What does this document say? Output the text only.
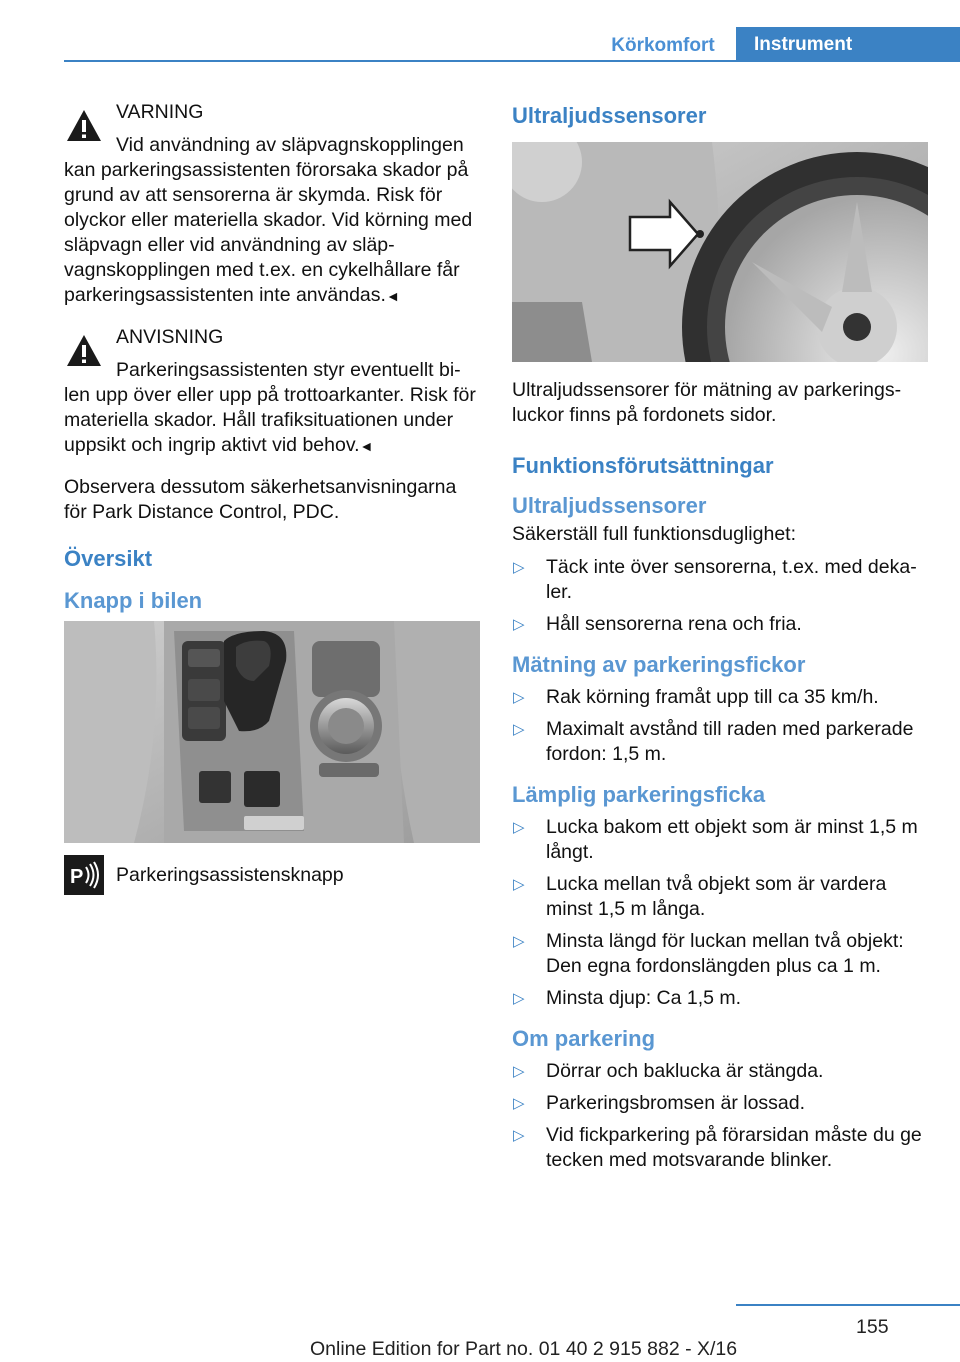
Körkomfort	Instrument
VARNING

Vid användning av släpvagnskopplingen kan parkeringsassistenten förorsaka skador på grund av att sensorerna är skymda. Risk för olyckor eller materiella skador. Vid körning med släpvagn eller vid användning av släpvagnskopplingen med t.ex. en cykelhållare får parkeringsassistenten inte användas.◄

ANVISNING

Parkeringsassistenten styr eventuellt bilen upp över eller upp på trottoarkanter. Risk för materiella skador. Håll trafiksituationen under uppsikt och ingrip aktivt vid behov.◄

Observera dessutom säkerhetsanvisningarna för Park Distance Control, PDC.

Översikt
Knapp i bilen
P Parkeringsassistensknapp
Ultraljudssensorer

Ultraljudssensorer för mätning av parkeringsluckor finns på fordonets sidor.

Funktionsförutsättningar
Ultraljudssensorer

Säkerställ full funktionsduglighet:

▷ Täck inte över sensorerna, t.ex. med dekaler.
▷ Håll sensorerna rena och fria.
Mätning av parkeringsfickor
▷ Rak körning framåt upp till ca 35 km/h.
▷ Maximalt avstånd till raden med parkerade fordon: 1,5 m.
Lämplig parkeringsficka
▷ Lucka bakom ett objekt som är minst 1,5 m långt.
▷ Lucka mellan två objekt som är vardera minst 1,5 m långa.
▷ Minsta längd för luckan mellan två objekt: Den egna fordonslängden plus ca 1 m.
▷ Minsta djup: Ca 1,5 m.
Om parkering
▷ Dörrar och baklucka är stängda.
▷ Parkeringsbromsen är lossad.
▷ Vid fickparkering på förarsidan måste du ge tecken med motsvarande blinker.
155
Online Edition for Part no. 01 40 2 915 882 - X/16
